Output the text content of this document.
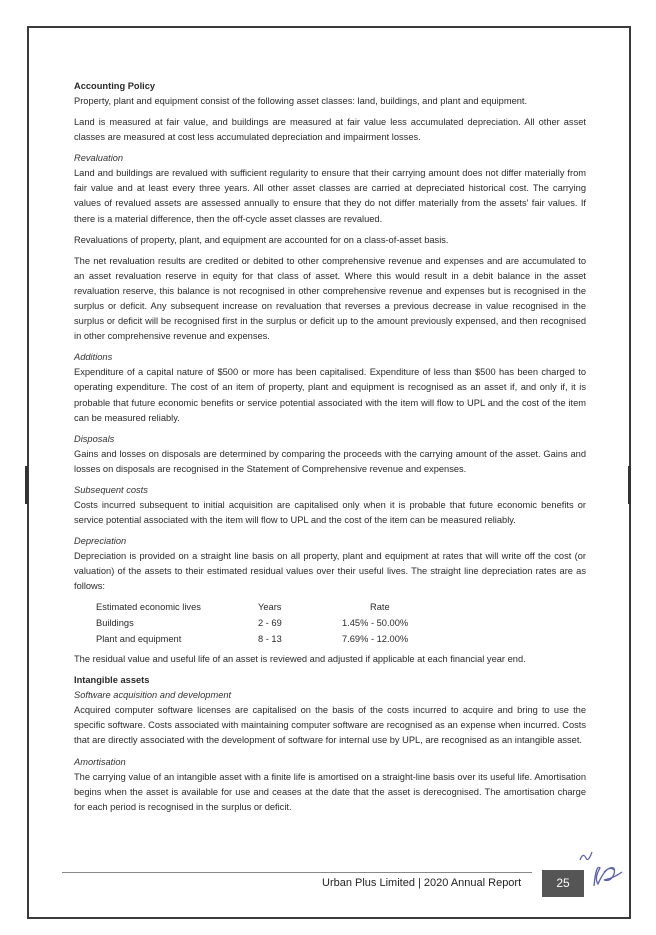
Accounting Policy

Property, plant and equipment consist of the following asset classes: land, buildings, and plant and equipment.

Land is measured at fair value, and buildings are measured at fair value less accumulated depreciation. All other asset classes are measured at cost less accumulated depreciation and impairment losses.

Revaluation

Land and buildings are revalued with sufficient regularity to ensure that their carrying amount does not differ materially from fair value and at least every three years. All other asset classes are carried at depreciated historical cost. The carrying values of revalued assets are assessed annually to ensure that they do not differ materially from the assets' fair values. If there is a material difference, then the off-cycle asset classes are revalued.

Revaluations of property, plant, and equipment are accounted for on a class-of-asset basis.

The net revaluation results are credited or debited to other comprehensive revenue and expenses and are accumulated to an asset revaluation reserve in equity for that class of asset. Where this would result in a debit balance in the asset revaluation reserve, this balance is not recognised in other comprehensive revenue and expenses but is recognised in the surplus or deficit. Any subsequent increase on revaluation that reverses a previous decrease in value recognised in the surplus or deficit will be recognised first in the surplus or deficit up to the amount previously expensed, and then recognised in other comprehensive revenue and expenses.

Additions

Expenditure of a capital nature of $500 or more has been capitalised. Expenditure of less than $500 has been charged to operating expenditure. The cost of an item of property, plant and equipment is recognised as an asset if, and only if, it is probable that future economic benefits or service potential associated with the item will flow to UPL and the cost of the item can be measured reliably.

Disposals

Gains and losses on disposals are determined by comparing the proceeds with the carrying amount of the asset. Gains and losses on disposals are recognised in the Statement of Comprehensive revenue and expenses.

Subsequent costs

Costs incurred subsequent to initial acquisition are capitalised only when it is probable that future economic benefits or service potential associated with the item will flow to UPL and the cost of the item can be measured reliably.

Depreciation

Depreciation is provided on a straight line basis on all property, plant and equipment at rates that will write off the cost (or valuation) of the assets to their estimated residual values over their useful lives. The straight line depreciation rates are as follows:

Estimated economic lives	Years	Rate
Buildings	2 - 69	1.45% - 50.00%
Plant and equipment	8 - 13	7.69% - 12.00%

The residual value and useful life of an asset is reviewed and adjusted if applicable at each financial year end.

Intangible assets
Software acquisition and development

Acquired computer software licenses are capitalised on the basis of the costs incurred to acquire and bring to use the specific software. Costs associated with maintaining computer software are recognised as an expense when incurred. Costs that are directly associated with the development of software for internal use by UPL, are recognised as an intangible asset.

Amortisation

The carrying value of an intangible asset with a finite life is amortised on a straight-line basis over its useful life. Amortisation begins when the asset is available for use and ceases at the date that the asset is derecognised. The amortisation charge for each period is recognised in the surplus or deficit.

Urban Plus Limited | 2020 Annual Report	25
